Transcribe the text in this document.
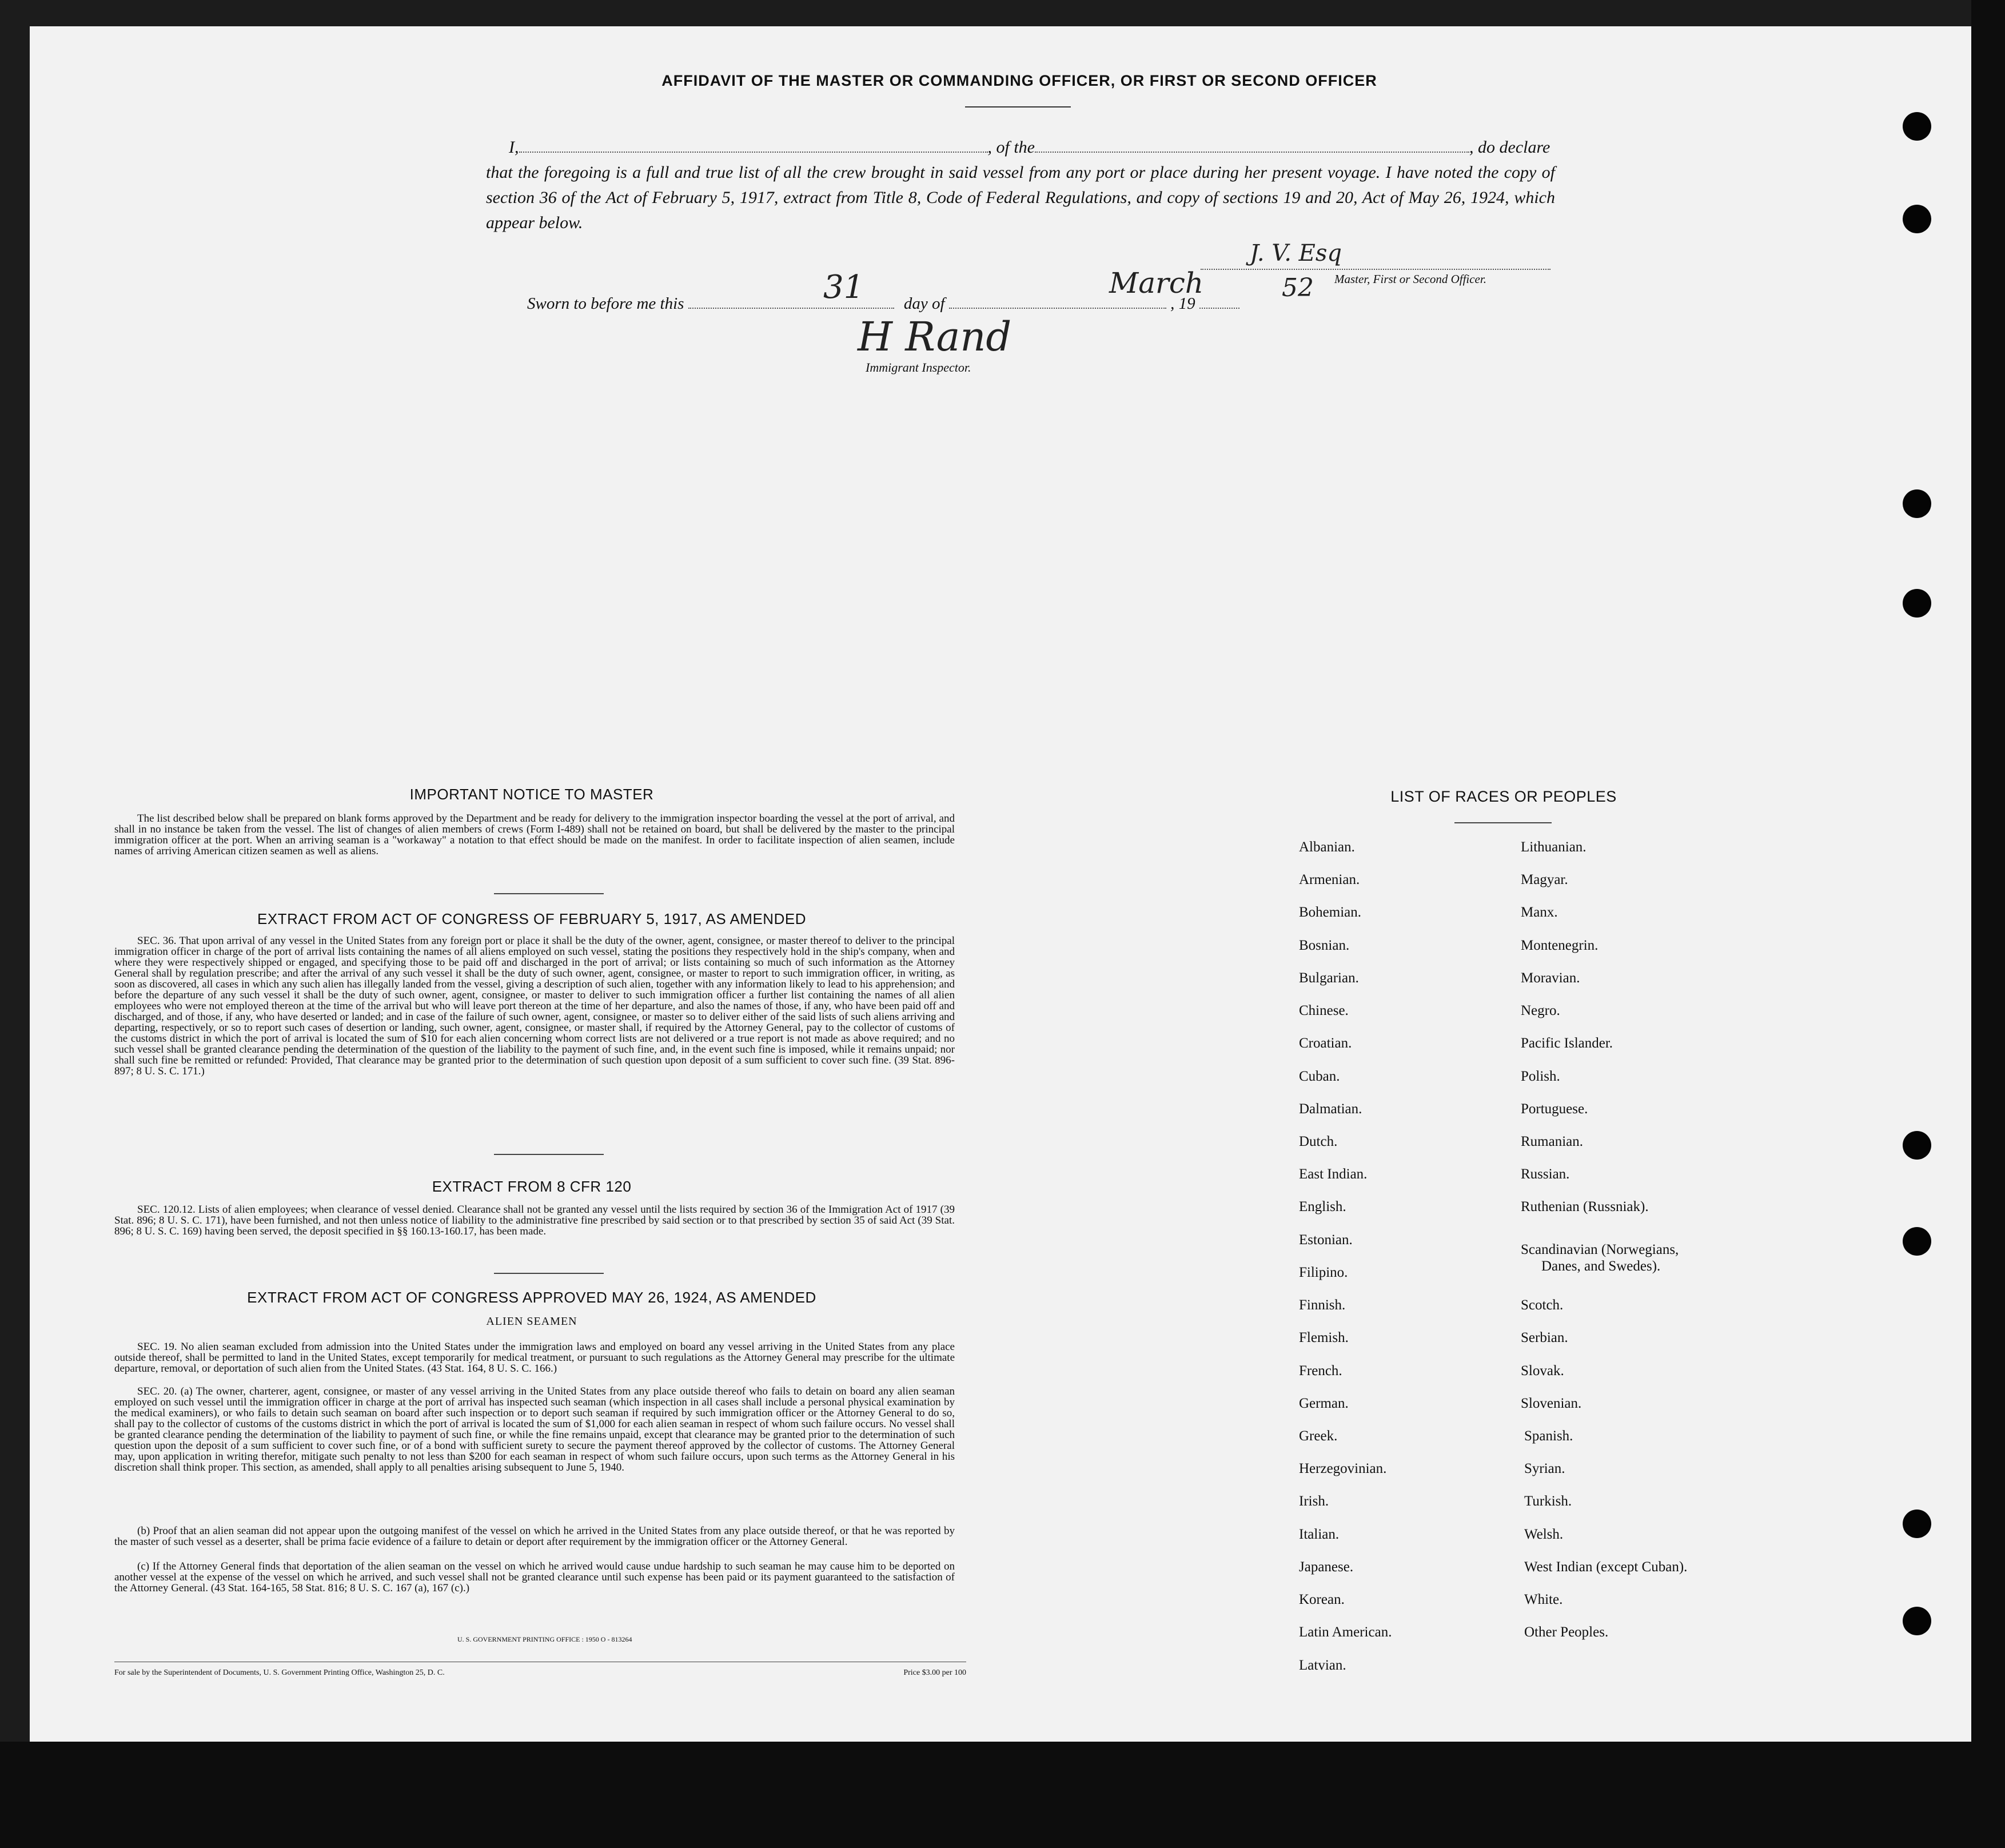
AFFIDAVIT OF THE MASTER OR COMMANDING OFFICER, OR FIRST OR SECOND OFFICER
I,	, of the	, do declare
that the foregoing is a full and true list of all the crew brought in said vessel from any port or place during her present voyage. I have noted the copy of section 36 of the Act of February 5, 1917, extract from Title 8, Code of Federal Regulations, and copy of sections 19 and 20, Act of May 26, 1924, which appear below.
J. V. Esq
Master, First or Second Officer.
Sworn to before me this	day of	, 19
31	March	52
H Rand
Immigrant Inspector.
IMPORTANT NOTICE TO MASTER
The list described below shall be prepared on blank forms approved by the Department and be ready for delivery to the immigration inspector boarding the vessel at the port of arrival, and shall in no instance be taken from the vessel. The list of changes of alien members of crews (Form I-489) shall not be retained on board, but shall be delivered by the master to the principal immigration officer at the port. When an arriving seaman is a "workaway" a notation to that effect should be made on the manifest. In order to facilitate inspection of alien seamen, include names of arriving American citizen seamen as well as aliens.
EXTRACT FROM ACT OF CONGRESS OF FEBRUARY 5, 1917, AS AMENDED
SEC. 36. That upon arrival of any vessel in the United States from any foreign port or place it shall be the duty of the owner, agent, consignee, or master thereof to deliver to the principal immigration officer in charge of the port of arrival lists containing the names of all aliens employed on such vessel, stating the positions they respectively hold in the ship's company, when and where they were respectively shipped or engaged, and specifying those to be paid off and discharged in the port of arrival; or lists containing so much of such information as the Attorney General shall by regulation prescribe; and after the arrival of any such vessel it shall be the duty of such owner, agent, consignee, or master to report to such immigration officer, in writing, as soon as discovered, all cases in which any such alien has illegally landed from the vessel, giving a description of such alien, together with any information likely to lead to his apprehension; and before the departure of any such vessel it shall be the duty of such owner, agent, consignee, or master to deliver to such immigration officer a further list containing the names of all alien employees who were not employed thereon at the time of the arrival but who will leave port thereon at the time of her departure, and also the names of those, if any, who have been paid off and discharged, and of those, if any, who have deserted or landed; and in case of the failure of such owner, agent, consignee, or master so to deliver either of the said lists of such aliens arriving and departing, respectively, or so to report such cases of desertion or landing, such owner, agent, consignee, or master shall, if required by the Attorney General, pay to the collector of customs of the customs district in which the port of arrival is located the sum of $10 for each alien concerning whom correct lists are not delivered or a true report is not made as above required; and no such vessel shall be granted clearance pending the determination of the question of the liability to the payment of such fine, and, in the event such fine is imposed, while it remains unpaid; nor shall such fine be remitted or refunded: Provided, That clearance may be granted prior to the determination of such question upon deposit of a sum sufficient to cover such fine. (39 Stat. 896-897; 8 U. S. C. 171.)
EXTRACT FROM 8 CFR 120
SEC. 120.12. Lists of alien employees; when clearance of vessel denied. Clearance shall not be granted any vessel until the lists required by section 36 of the Immigration Act of 1917 (39 Stat. 896; 8 U. S. C. 171), have been furnished, and not then unless notice of liability to the administrative fine prescribed by said section or to that prescribed by section 35 of said Act (39 Stat. 896; 8 U. S. C. 169) having been served, the deposit specified in §§ 160.13-160.17, has been made.
EXTRACT FROM ACT OF CONGRESS APPROVED MAY 26, 1924, AS AMENDED
ALIEN SEAMEN
SEC. 19. No alien seaman excluded from admission into the United States under the immigration laws and employed on board any vessel arriving in the United States from any place outside thereof, shall be permitted to land in the United States, except temporarily for medical treatment, or pursuant to such regulations as the Attorney General may prescribe for the ultimate departure, removal, or deportation of such alien from the United States. (43 Stat. 164, 8 U. S. C. 166.)
SEC. 20. (a) The owner, charterer, agent, consignee, or master of any vessel arriving in the United States from any place outside thereof who fails to detain on board any alien seaman employed on such vessel until the immigration officer in charge at the port of arrival has inspected such seaman (which inspection in all cases shall include a personal physical examination by the medical examiners), or who fails to detain such seaman on board after such inspection or to deport such seaman if required by such immigration officer or the Attorney General to do so, shall pay to the collector of customs of the customs district in which the port of arrival is located the sum of $1,000 for each alien seaman in respect of whom such failure occurs. No vessel shall be granted clearance pending the determination of the liability to payment of such fine, or while the fine remains unpaid, except that clearance may be granted prior to the determination of such question upon the deposit of a sum sufficient to cover such fine, or of a bond with sufficient surety to secure the payment thereof approved by the collector of customs. The Attorney General may, upon application in writing therefor, mitigate such penalty to not less than $200 for each seaman in respect of whom such failure occurs, upon such terms as the Attorney General in his discretion shall think proper. This section, as amended, shall apply to all penalties arising subsequent to June 5, 1940.
(b) Proof that an alien seaman did not appear upon the outgoing manifest of the vessel on which he arrived in the United States from any place outside thereof, or that he was reported by the master of such vessel as a deserter, shall be prima facie evidence of a failure to detain or deport after requirement by the immigration officer or the Attorney General.
(c) If the Attorney General finds that deportation of the alien seaman on the vessel on which he arrived would cause undue hardship to such seaman he may cause him to be deported on another vessel at the expense of the vessel on which he arrived, and such vessel shall not be granted clearance until such expense has been paid or its payment guaranteed to the satisfaction of the Attorney General. (43 Stat. 164-165, 58 Stat. 816; 8 U. S. C. 167 (a), 167 (c).)
U. S. GOVERNMENT PRINTING OFFICE : 1950 O - 813264
For sale by the Superintendent of Documents, U. S. Government Printing Office, Washington 25, D. C.	Price $3.00 per 100
LIST OF RACES OR PEOPLES
Albanian.
Armenian.
Bohemian.
Bosnian.
Bulgarian.
Chinese.
Croatian.
Cuban.
Dalmatian.
Dutch.
East Indian.
English.
Estonian.
Filipino.
Finnish.
Flemish.
French.
German.
Greek.
Herzegovinian.
Irish.
Italian.
Japanese.
Korean.
Latin American.
Latvian.
Lithuanian.
Magyar.
Manx.
Montenegrin.
Moravian.
Negro.
Pacific Islander.
Polish.
Portuguese.
Rumanian.
Russian.
Ruthenian (Russniak).
Scandinavian (Norwegians,
Danes, and Swedes).
Scotch.
Serbian.
Slovak.
Slovenian.
Spanish.
Syrian.
Turkish.
Welsh.
West Indian (except Cuban).
White.
Other Peoples.
